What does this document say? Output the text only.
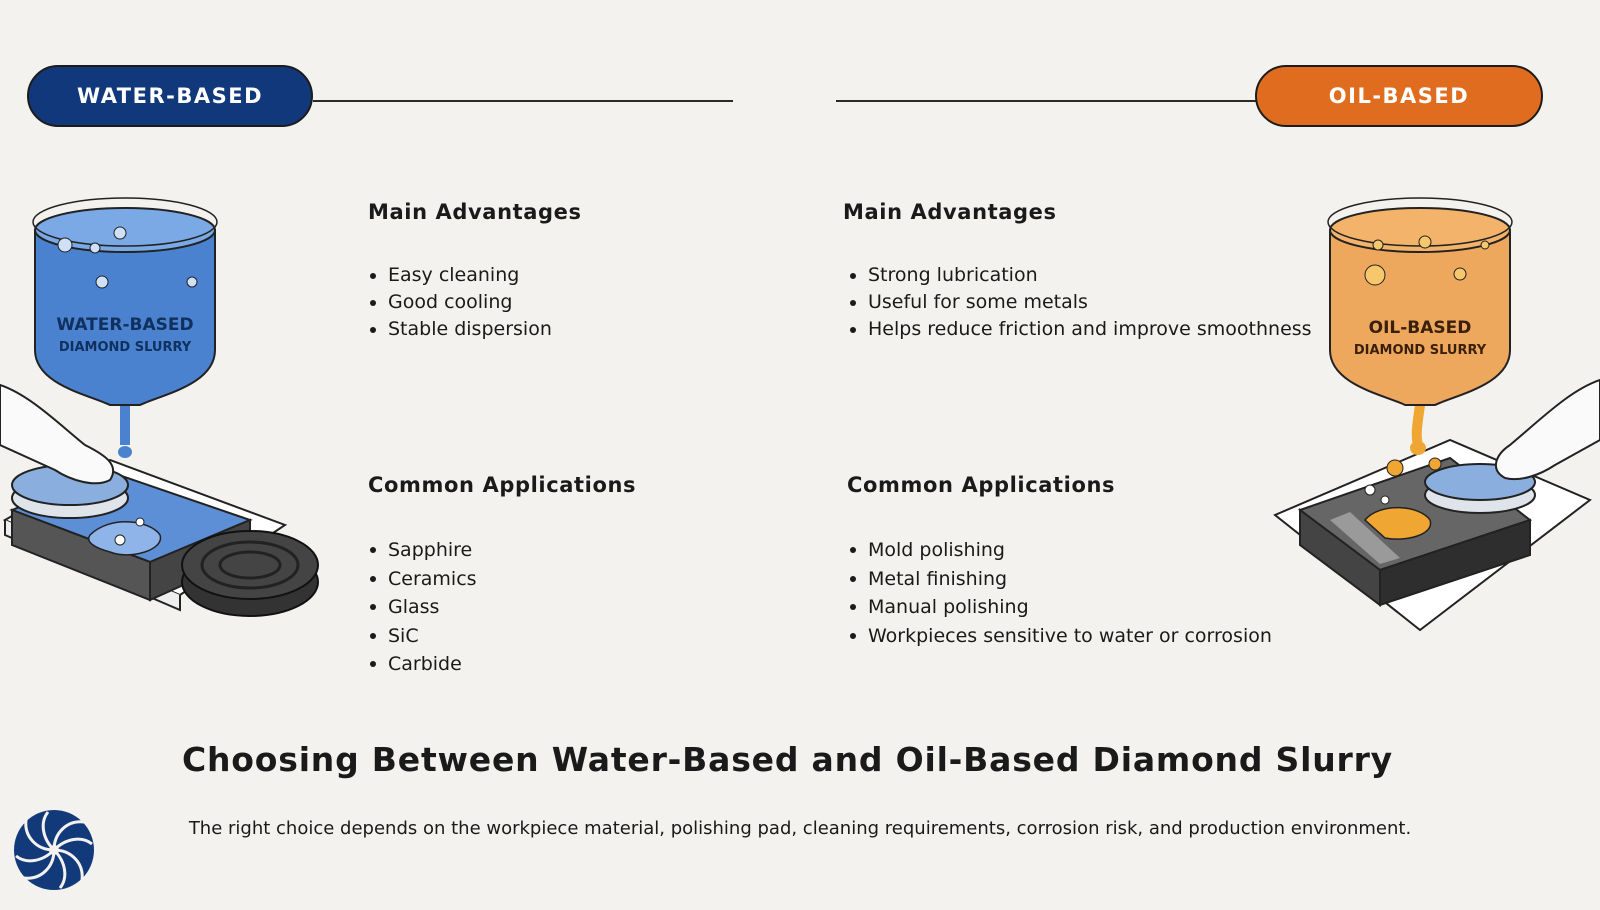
WATER-BASED	OIL-BASED
WATER-BASED
DIAMOND SLURRY
OIL-BASED
DIAMOND SLURRY
Main Advantages
Easy cleaning
Good cooling
Stable dispersion
Common Applications
Sapphire
Ceramics
Glass
SiC
Carbide
Main Advantages
Strong lubrication
Useful for some metals
Helps reduce friction and improve smoothness
Common Applications
Mold polishing
Metal finishing
Manual polishing
Workpieces sensitive to water or corrosion
Choosing Between Water-Based and Oil-Based Diamond Slurry

The right choice depends on the workpiece material, polishing pad, cleaning requirements, corrosion risk, and production environment.
